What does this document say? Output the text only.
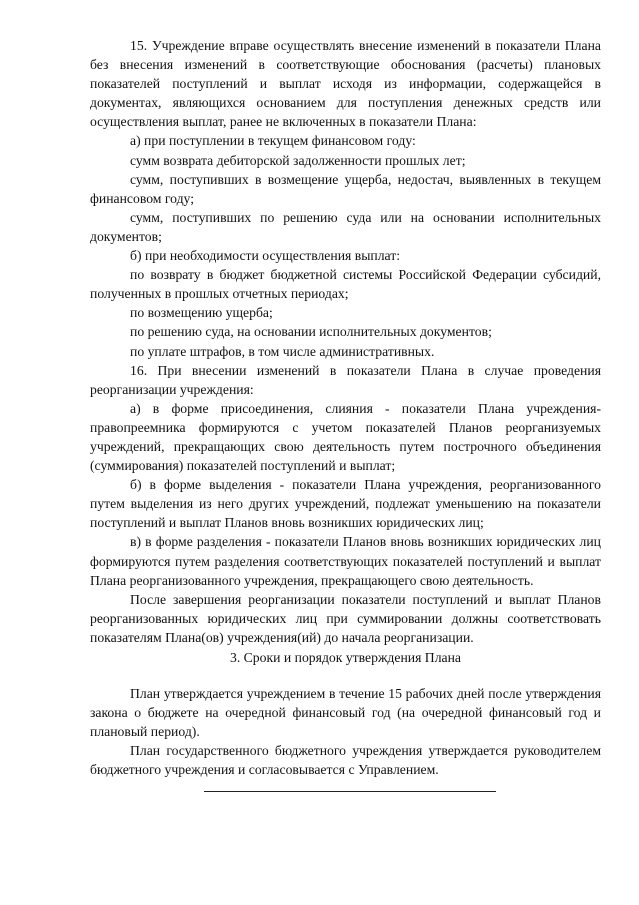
15. Учреждение вправе осуществлять внесение изменений в показатели Плана без внесения изменений в соответствующие обоснования (расчеты) плановых показателей поступлений и выплат исходя из информации, содержащейся в документах, являющихся основанием для поступления денежных средств или осуществления выплат, ранее не включенных в показатели Плана:

а) при поступлении в текущем финансовом году:

сумм возврата дебиторской задолженности прошлых лет;

сумм, поступивших в возмещение ущерба, недостач, выявленных в текущем финансовом году;

сумм, поступивших по решению суда или на основании исполнительных документов;

б) при необходимости осуществления выплат:

по возврату в бюджет бюджетной системы Российской Федерации субсидий, полученных в прошлых отчетных периодах;

по возмещению ущерба;

по решению суда, на основании исполнительных документов;

по уплате штрафов, в том числе административных.

16. При внесении изменений в показатели Плана в случае проведения реорганизации учреждения:

а) в форме присоединения, слияния - показатели Плана учреждения-правопреемника формируются с учетом показателей Планов реорганизуемых учреждений, прекращающих свою деятельность путем построчного объединения (суммирования) показателей поступлений и выплат;

б) в форме выделения - показатели Плана учреждения, реорганизованного путем выделения из него других учреждений, подлежат уменьшению на показатели поступлений и выплат Планов вновь возникших юридических лиц;

в) в форме разделения - показатели Планов вновь возникших юридических лиц формируются путем разделения соответствующих показателей поступлений и выплат Плана реорганизованного учреждения, прекращающего свою деятельность.

После завершения реорганизации показатели поступлений и выплат Планов реорганизованных юридических лиц при суммировании должны соответствовать показателям Плана(ов) учреждения(ий) до начала реорганизации.

3. Сроки и порядок утверждения Плана

План утверждается учреждением в течение 15 рабочих дней после утверждения закона о бюджете на очередной финансовый год (на очередной финансовый год и плановый период).

План государственного бюджетного учреждения утверждается руководителем бюджетного учреждения и согласовывается с Управлением.
